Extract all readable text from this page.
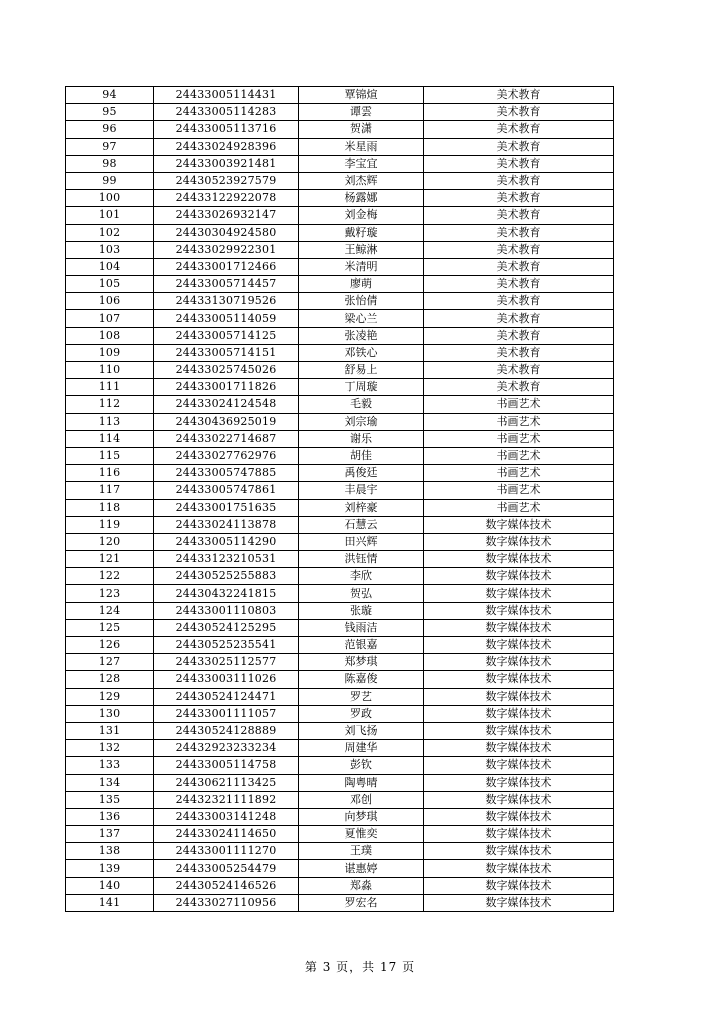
94	24433005114431	覃锦煊	美术教育
95	24433005114283	谭雲	美术教育
96	24433005113716	贺潇	美术教育
97	24433024928396	米星雨	美术教育
98	24433003921481	李宝宜	美术教育
99	24430523927579	刘杰辉	美术教育
100	24433122922078	杨露娜	美术教育
101	24433026932147	刘金梅	美术教育
102	24430304924580	戴籽璇	美术教育
103	24433029922301	王鲸淋	美术教育
104	24433001712466	米清明	美术教育
105	24433005714457	廖萌	美术教育
106	24433130719526	张怡倩	美术教育
107	24433005114059	梁心兰	美术教育
108	24433005714125	张凌艳	美术教育
109	24433005714151	邓铁心	美术教育
110	24433025745026	舒易上	美术教育
111	24433001711826	丁周璇	美术教育
112	24433024124548	毛毅	书画艺术
113	24430436925019	刘宗瑜	书画艺术
114	24433022714687	谢乐	书画艺术
115	24433027762976	胡佳	书画艺术
116	24433005747885	禹俊廷	书画艺术
117	24433005747861	丰晨宇	书画艺术
118	24433001751635	刘梓豪	书画艺术
119	24433024113878	石慧云	数字媒体技术
120	24433005114290	田兴辉	数字媒体技术
121	24433123210531	洪钰情	数字媒体技术
122	24430525255883	李欣	数字媒体技术
123	24430432241815	贺弘	数字媒体技术
124	24433001110803	张璇	数字媒体技术
125	24430524125295	钱雨洁	数字媒体技术
126	24430525235541	范银嘉	数字媒体技术
127	24433025112577	郑梦琪	数字媒体技术
128	24433003111026	陈嘉俊	数字媒体技术
129	24430524124471	罗艺	数字媒体技术
130	24433001111057	罗政	数字媒体技术
131	24430524128889	刘飞扬	数字媒体技术
132	24432923233234	周建华	数字媒体技术
133	24433005114758	彭钦	数字媒体技术
134	24430621113425	陶粤晴	数字媒体技术
135	24432321111892	邓创	数字媒体技术
136	24433003141248	向梦琪	数字媒体技术
137	24433024114650	夏惟奕	数字媒体技术
138	24433001111270	王璞	数字媒体技术
139	24433005254479	谌惠婷	数字媒体技术
140	24430524146526	郑淼	数字媒体技术
141	24433027110956	罗宏名	数字媒体技术
第 3 页，共 17 页
